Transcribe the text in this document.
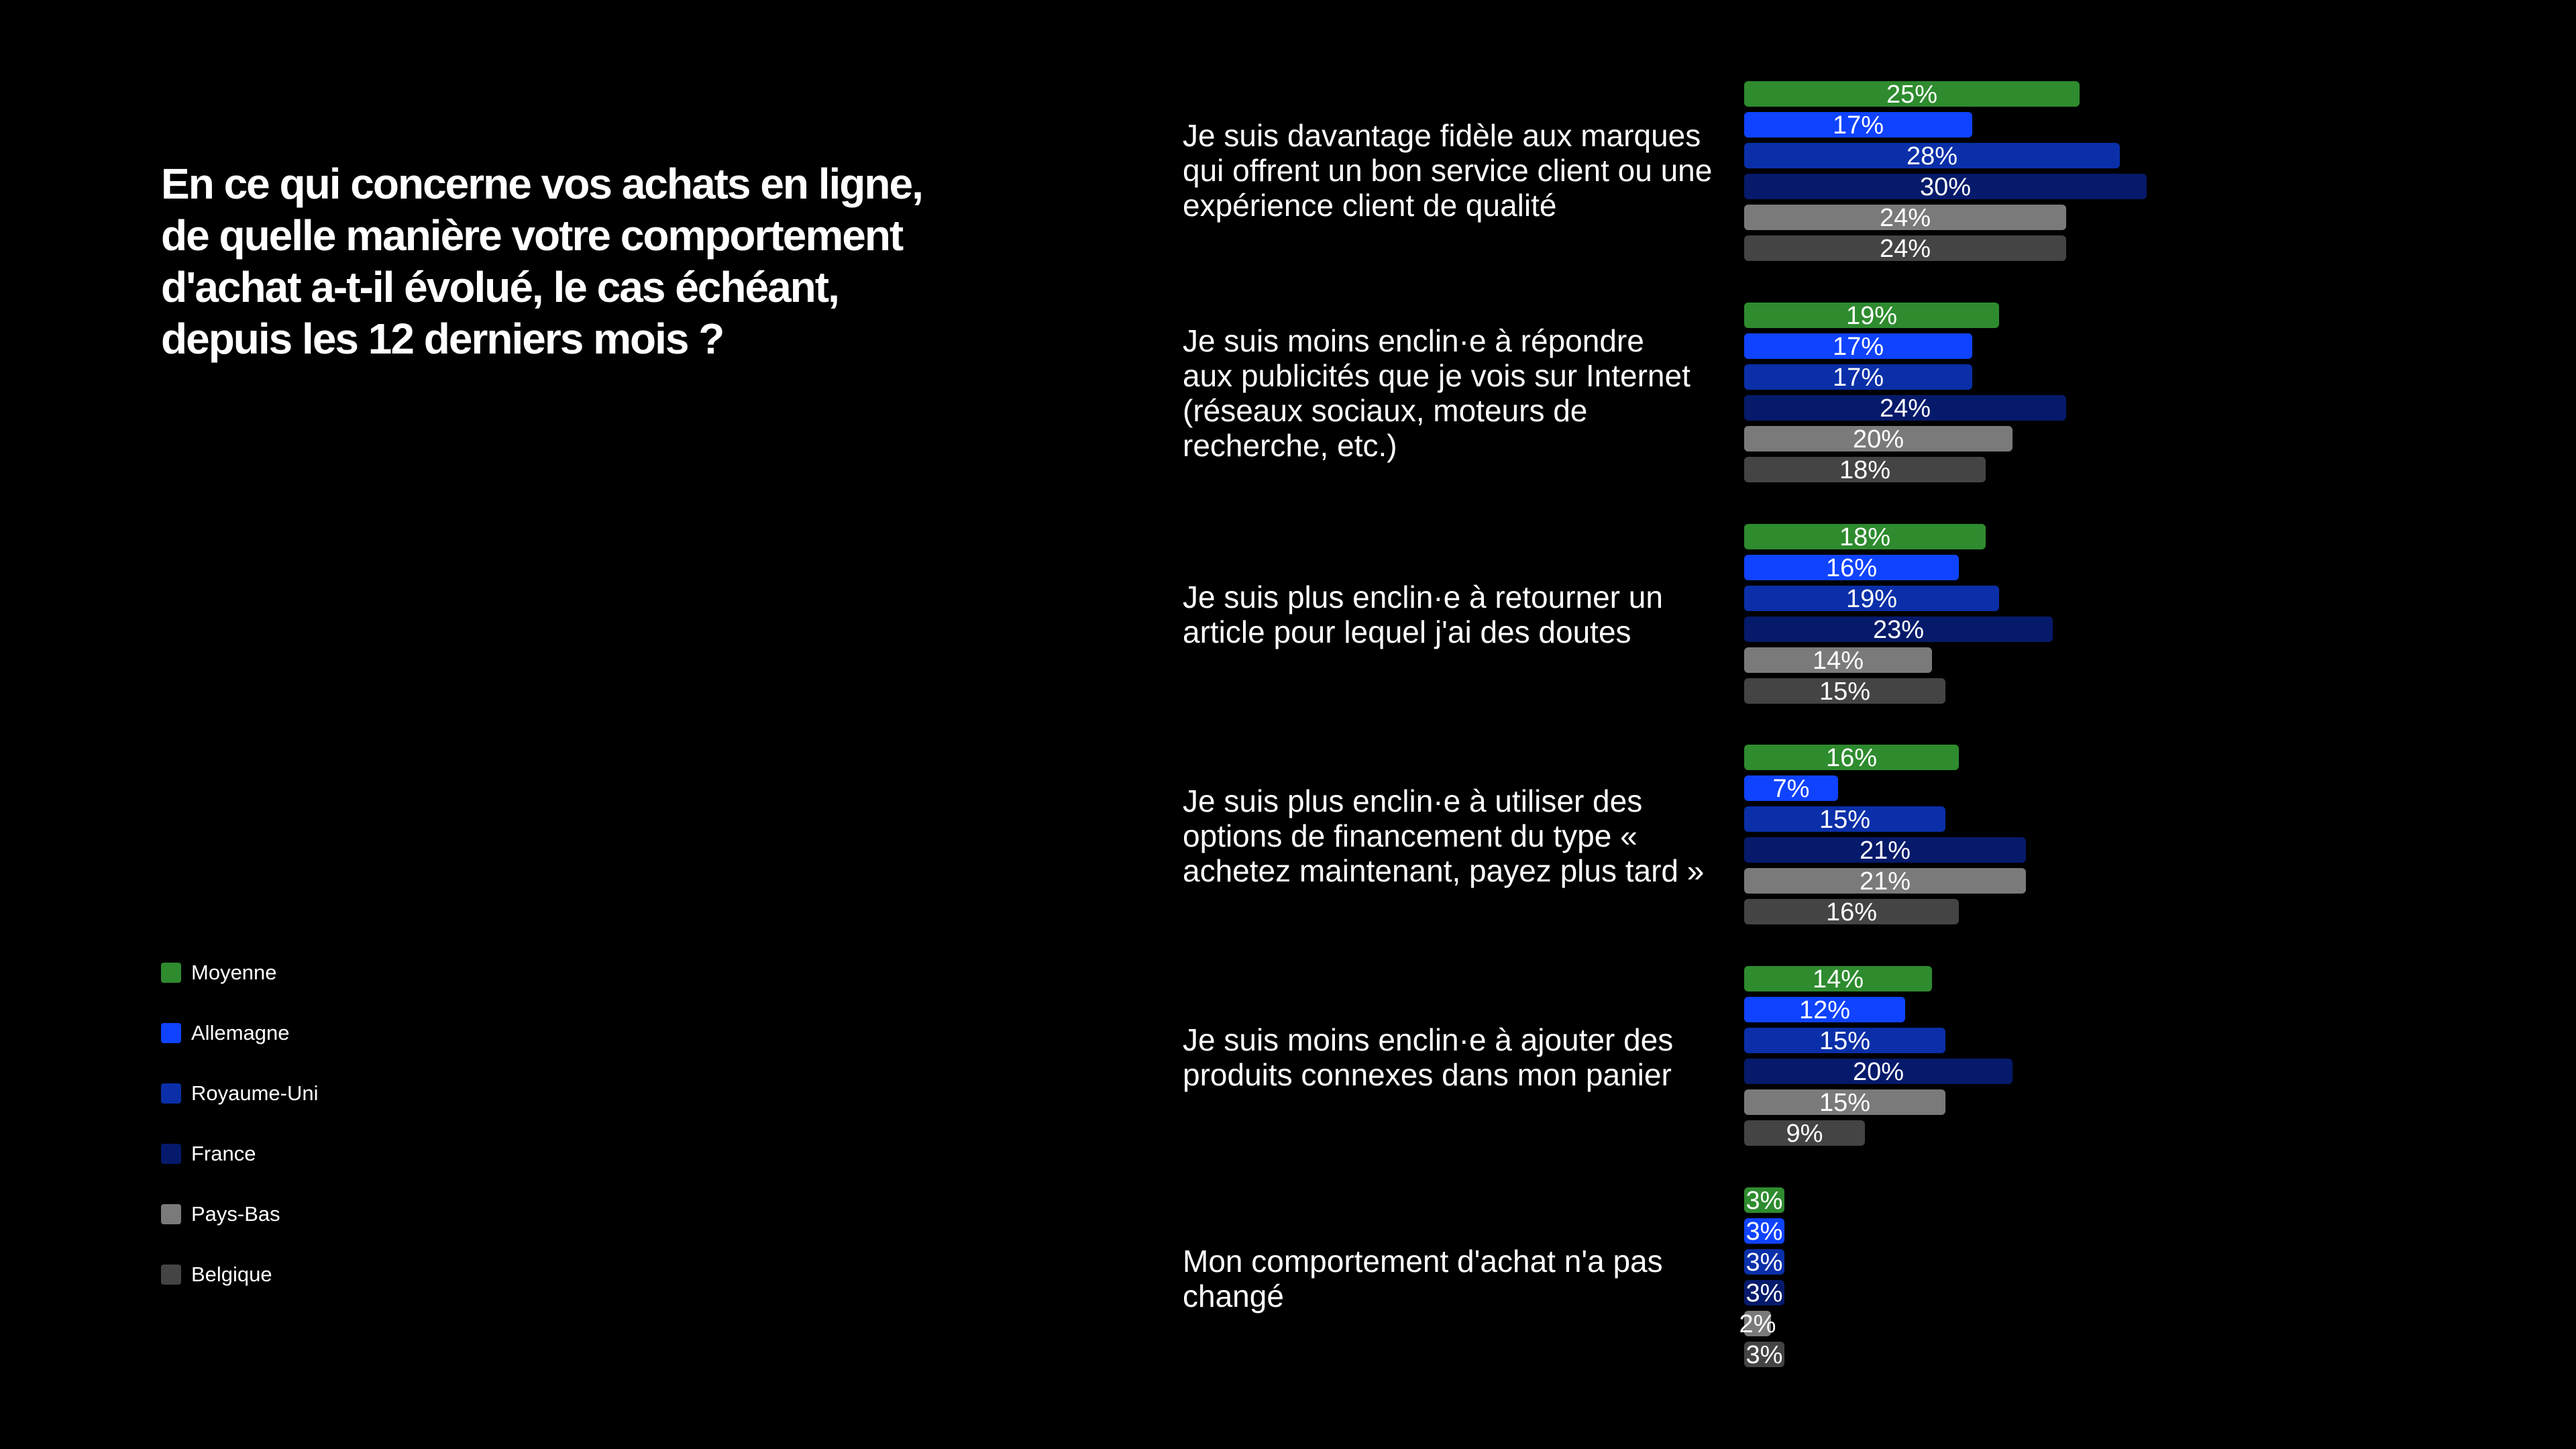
En ce qui concerne vos achats en ligne, de quelle manière votre comportement d'achat a-t-il évolué, le cas échéant, depuis les 12 derniers mois ?
Moyenne
Allemagne
Royaume-Uni
France
Pays-Bas
Belgique
Je suis davantage fidèle aux marques
qui offrent un bon service client ou une
expérience client de qualité
Je suis moins enclin·e à répondre
aux publicités que je vois sur Internet
(réseaux sociaux, moteurs de
recherche, etc.)
Je suis plus enclin·e à retourner un
article pour lequel j'ai des doutes
Je suis plus enclin·e à utiliser des
options de financement du type «
achetez maintenant, payez plus tard »
Je suis moins enclin·e à ajouter des
produits connexes dans mon panier
Mon comportement d'achat n'a pas
changé
25%
17%
28%
30%
24%
24%
19%
17%
17%
24%
20%
18%
18%
16%
19%
23%
14%
15%
16%
7%
15%
21%
21%
16%
14%
12%
15%
20%
15%
9%
3%
3%
3%
3%
2%
3%
